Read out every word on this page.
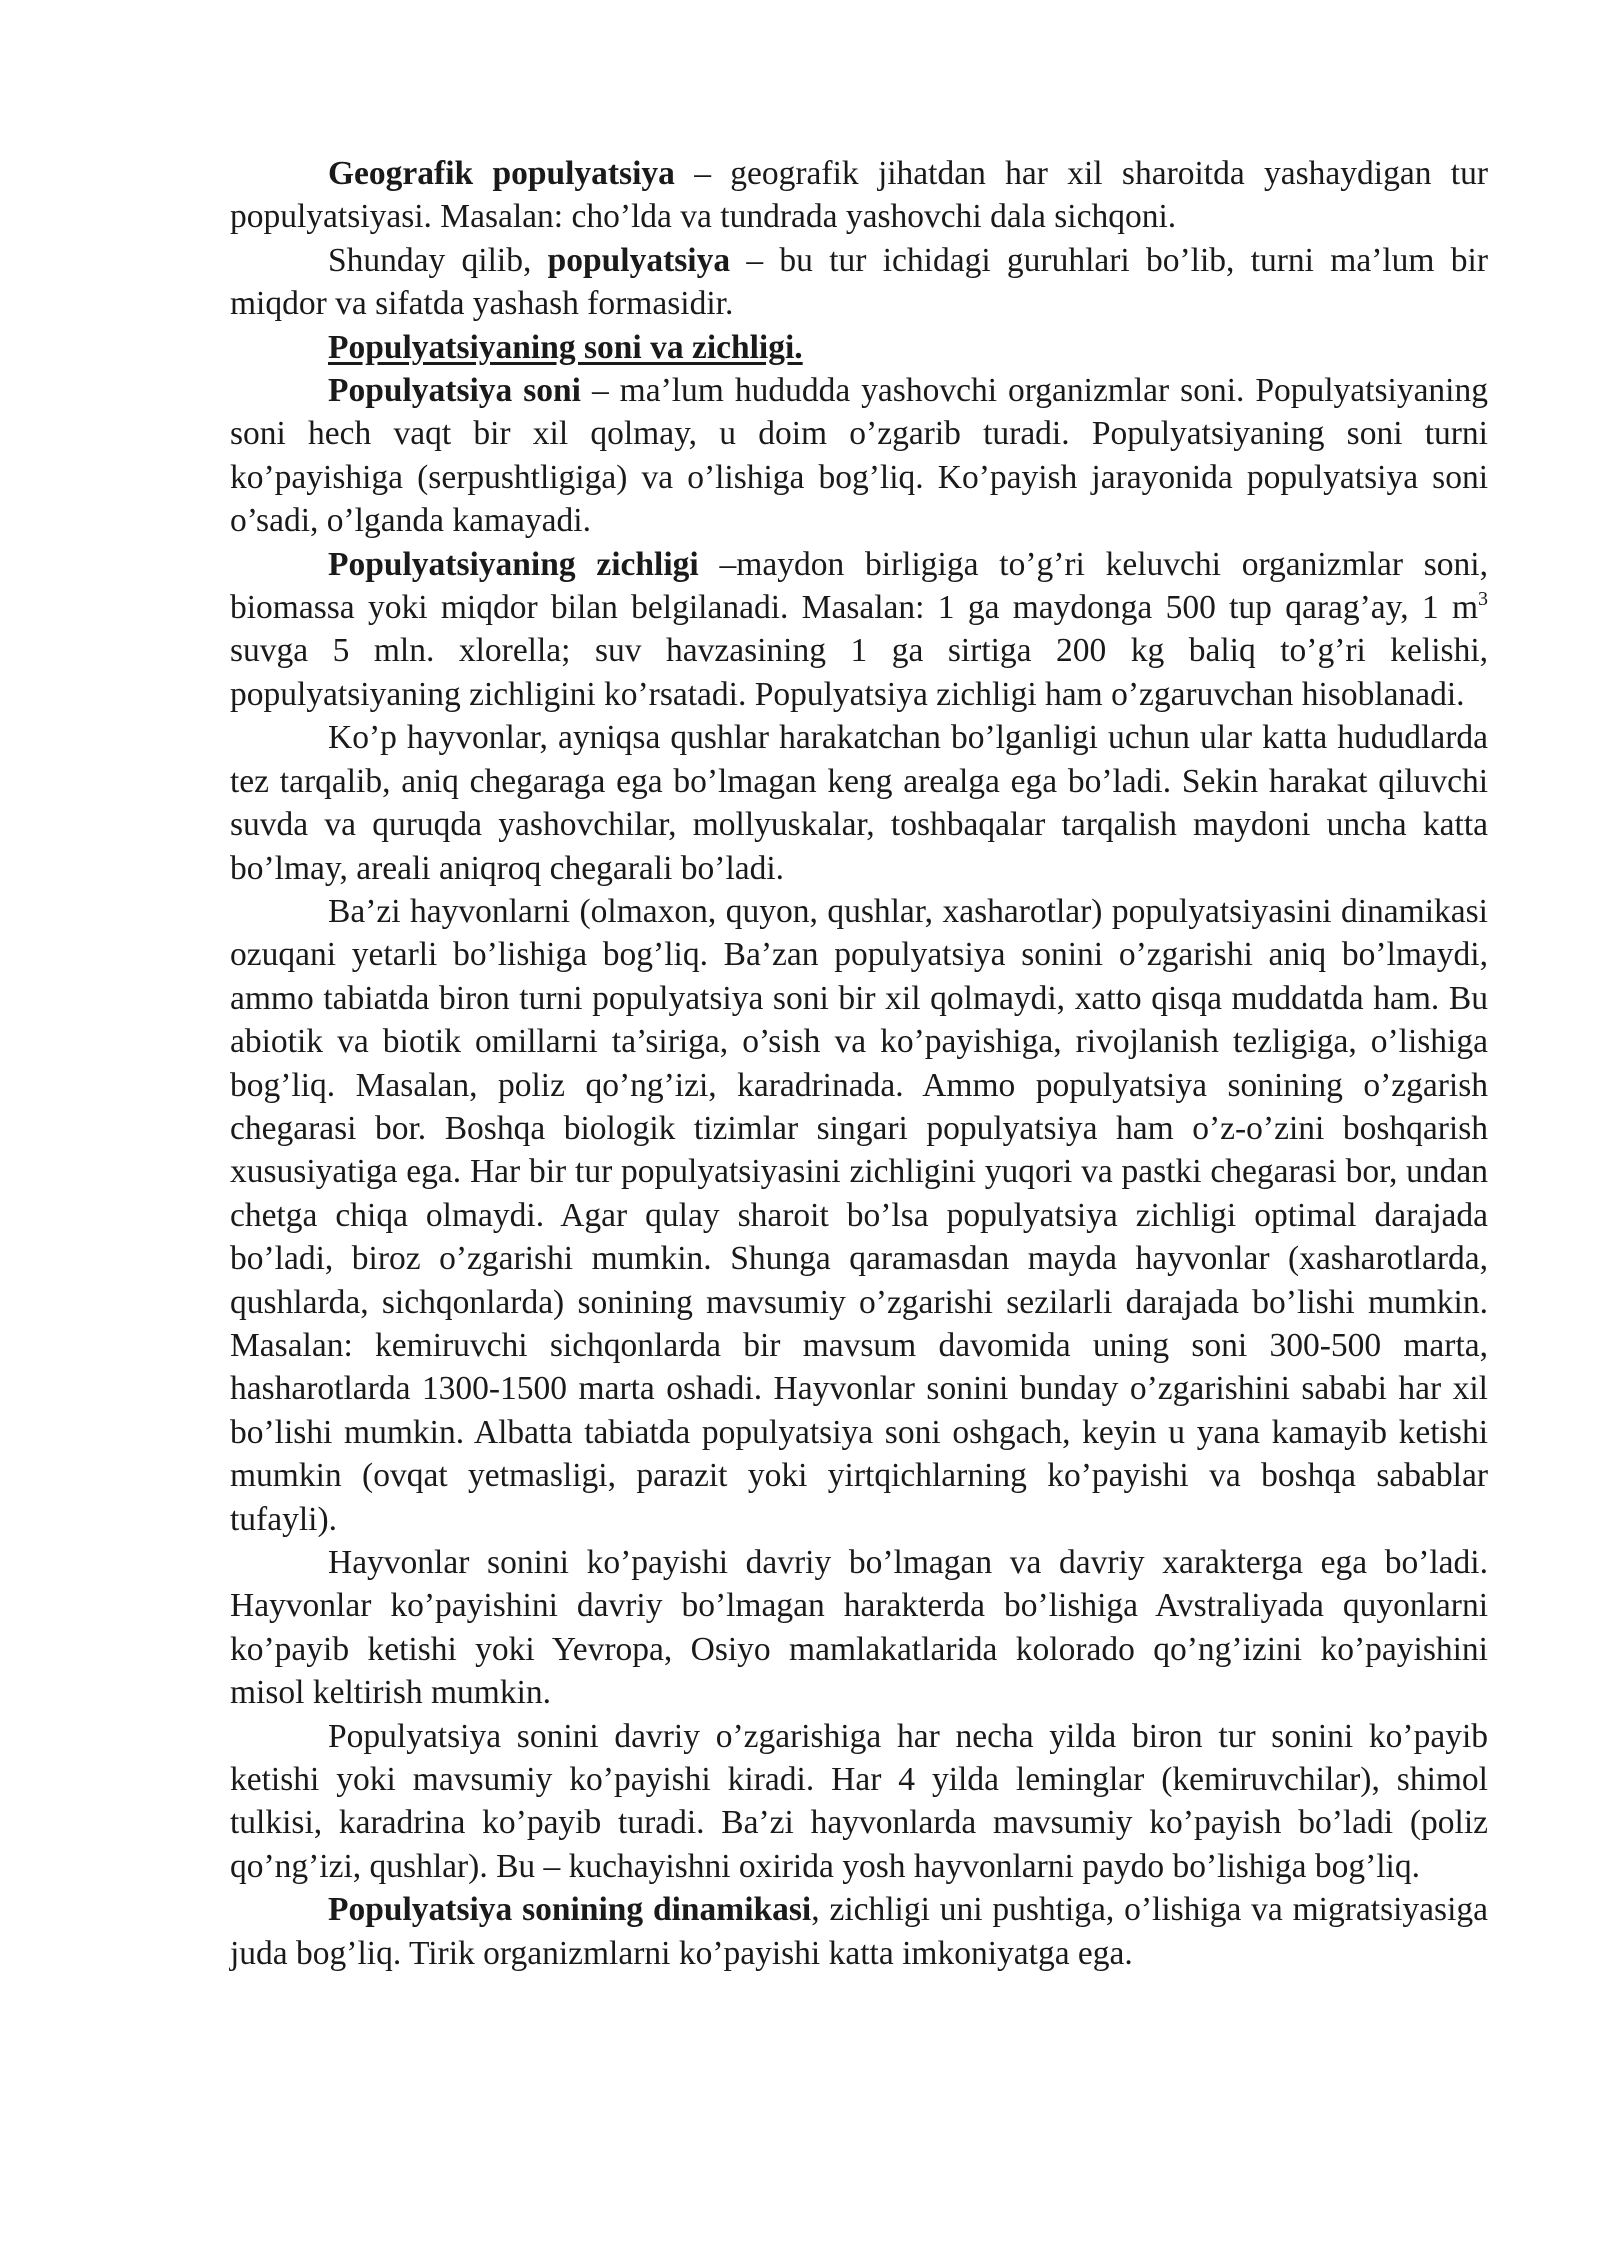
Geografik populyatsiya – geografik jihatdan har xil sharoitda yashaydigan tur populyatsiyasi. Masalan: cho’lda va tundrada yashovchi dala sichqoni.

Shunday qilib, populyatsiya – bu tur ichidagi guruhlari bo’lib, turni ma’lum bir miqdor va sifatda yashash formasidir.

Populyatsiyaning soni va zichligi.

Populyatsiya soni – ma’lum hududda yashovchi organizmlar soni. Populyatsiyaning soni hech vaqt bir xil qolmay, u doim o’zgarib turadi. Populyatsiyaning soni turni ko’payishiga (serpushtligiga) va o’lishiga bog’liq. Ko’payish jarayonida populyatsiya soni o’sadi, o’lganda kamayadi.

Populyatsiyaning zichligi –maydon birligiga to’g’ri keluvchi organizmlar soni, biomassa yoki miqdor bilan belgilanadi. Masalan: 1 ga maydonga 500 tup qarag’ay, 1 $m^3$ suvga 5 mln. xlorella; suv havzasining 1 ga sirtiga 200 kg baliq to’g’ri kelishi, populyatsiyaning zichligini ko’rsatadi. Populyatsiya zichligi ham o’zgaruvchan hisoblanadi.

Ko’p hayvonlar, ayniqsa qushlar harakatchan bo’lganligi uchun ular katta hududlarda tez tarqalib, aniq chegaraga ega bo’lmagan keng arealga ega bo’ladi. Sekin harakat qiluvchi suvda va quruqda yashovchilar, mollyuskalar, toshbaqalar tarqalish maydoni uncha katta bo’lmay, areali aniqroq chegarali bo’ladi.

Ba’zi hayvonlarni (olmaxon, quyon, qushlar, xasharotlar) populyatsiyasini dinamikasi ozuqani yetarli bo’lishiga bog’liq. Ba’zan populyatsiya sonini o’zgarishi aniq bo’lmaydi, ammo tabiatda biron turni populyatsiya soni bir xil qolmaydi, xatto qisqa muddatda ham. Bu abiotik va biotik omillarni ta’siriga, o’sish va ko’payishiga, rivojlanish tezligiga, o’lishiga bog’liq. Masalan, poliz qo’ng’izi, karadrinada. Ammo populyatsiya sonining o’zgarish chegarasi bor. Boshqa biologik tizimlar singari populyatsiya ham o’z-o’zini boshqarish xususiyatiga ega. Har bir tur populyatsiyasini zichligini yuqori va pastki chegarasi bor, undan chetga chiqa olmaydi. Agar qulay sharoit bo’lsa populyatsiya zichligi optimal darajada bo’ladi, biroz o’zgarishi mumkin. Shunga qaramasdan mayda hayvonlar (xasharotlarda, qushlarda, sichqonlarda) sonining mavsumiy o’zgarishi sezilarli darajada bo’lishi mumkin. Masalan: kemiruvchi sichqonlarda bir mavsum davomida uning soni 300-500 marta, hasharotlarda 1300-1500 marta oshadi. Hayvonlar sonini bunday o’zgarishini sababi har xil bo’lishi mumkin. Albatta tabiatda populyatsiya soni oshgach, keyin u yana kamayib ketishi mumkin (ovqat yetmasligi, parazit yoki yirtqichlarning ko’payishi va boshqa sabablar tufayli).

Hayvonlar sonini ko’payishi davriy bo’lmagan va davriy xarakterga ega bo’ladi. Hayvonlar ko’payishini davriy bo’lmagan harakterda bo’lishiga Avstraliyada quyonlarni ko’payib ketishi yoki Yevropa, Osiyo mamlakatlarida kolorado qo’ng’izini ko’payishini misol keltirish mumkin.

Populyatsiya sonini davriy o’zgarishiga har necha yilda biron tur sonini ko’payib ketishi yoki mavsumiy ko’payishi kiradi. Har 4 yilda leminglar (kemiruvchilar), shimol tulkisi, karadrina ko’payib turadi. Ba’zi hayvonlarda mavsumiy ko’payish bo’ladi (poliz qo’ng’izi, qushlar). Bu – kuchayishni oxirida yosh hayvonlarni paydo bo’lishiga bog’liq.

Populyatsiya sonining dinamikasi, zichligi uni pushtiga, o’lishiga va migratsiyasiga juda bog’liq. Tirik organizmlarni ko’payishi katta imkoniyatga ega.
